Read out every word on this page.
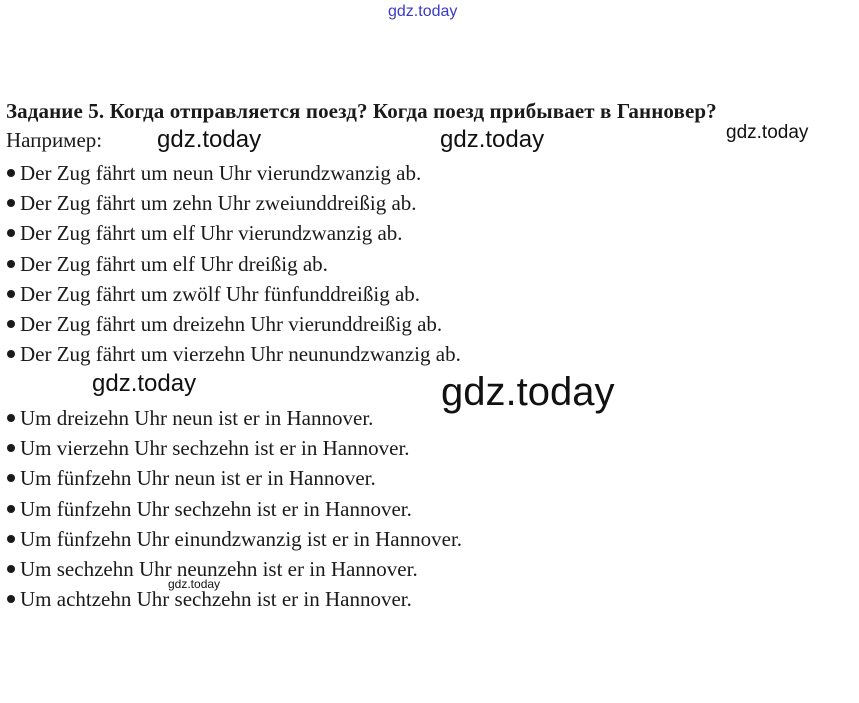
gdz.today
Задание 5. Когда отправляется поезд? Когда поезд прибывает в Ганновер?
Например:
Der Zug fährt um neun Uhr vierundzwanzig ab.
Der Zug fährt um zehn Uhr zweiunddreißig ab.
Der Zug fährt um elf Uhr vierundzwanzig ab.
Der Zug fährt um elf Uhr dreißig ab.
Der Zug fährt um zwölf Uhr fünfunddreißig ab.
Der Zug fährt um dreizehn Uhr vierunddreißig ab.
Der Zug fährt um vierzehn Uhr neunundzwanzig ab.
Um dreizehn Uhr neun ist er in Hannover.
Um vierzehn Uhr sechzehn ist er in Hannover.
Um fünfzehn Uhr neun ist er in Hannover.
Um fünfzehn Uhr sechzehn ist er in Hannover.
Um fünfzehn Uhr einundzwanzig ist er in Hannover.
Um sechzehn Uhr neunzehn ist er in Hannover.
Um achtzehn Uhr sechzehn ist er in Hannover.
gdz.today	gdz.today	gdz.today
gdz.today	gdz.today
gdz.today
